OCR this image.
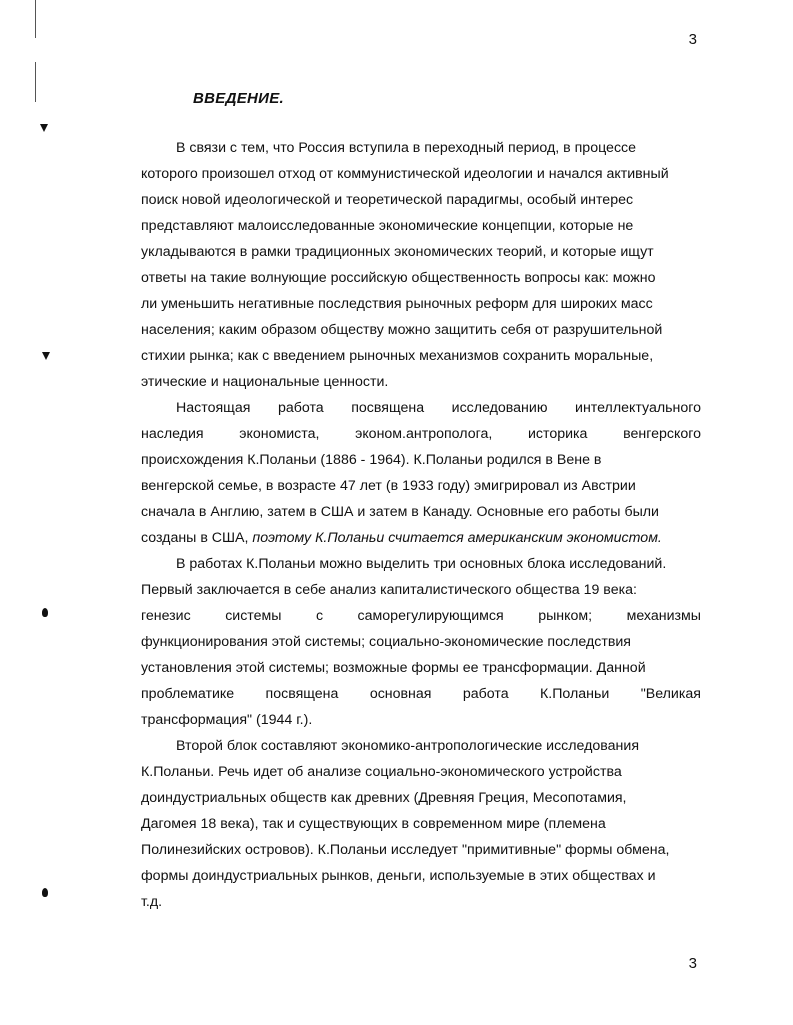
3
ВВЕДЕНИЕ.

В связи с тем, что Россия вступила в переходный период, в процессе
которого произошел отход от коммунистической идеологии и начался активный
поиск новой идеологической и теоретической парадигмы, особый интерес
представляют малоисследованные экономические концепции, которые не
укладываются в рамки традиционных экономических теорий, и которые ищут
ответы на такие волнующие российскую общественность вопросы как: можно
ли уменьшить негативные последствия рыночных реформ для широких масс
населения; каким образом обществу можно защитить себя от разрушительной
стихии рынка; как с введением рыночных механизмов сохранить моральные,
этические и национальные ценности.

Настоящая работа посвящена исследованию интеллектуального
наследия	экономиста,	эконом.антрополога,	историка	венгерского
происхождения К.Поланьи (1886 - 1964). К.Поланьи родился в Вене в
венгерской семье, в возрасте 47 лет (в 1933 году) эмигрировал из Австрии
сначала в Англию, затем в США и затем в Канаду. Основные его работы были
созданы в США, поэтому К.Поланьи считается американским экономистом.
В работах К.Поланьи можно выделить три основных блока исследований.
Первый заключается в себе анализ капиталистического общества 19 века:
генезис системы с саморегулирующимся рынком; механизмы
функционирования этой системы; социально-экономические последствия
установления этой системы; возможные формы ее трансформации. Данной
проблематике посвящена основная работа К.Поланьи "Великая
трансформация" (1944 г.).
Второй блок составляют экономико-антропологические исследования
К.Поланьи. Речь идет об анализе социально-экономического устройства
доиндустриальных обществ как древних (Древняя Греция, Месопотамия,
Дагомея 18 века), так и существующих в современном мире (племена
Полинезийских островов). К.Поланьи исследует "примитивные" формы обмена,
формы доиндустриальных рынков, деньги, используемые в этих обществах и
т.д.
3
